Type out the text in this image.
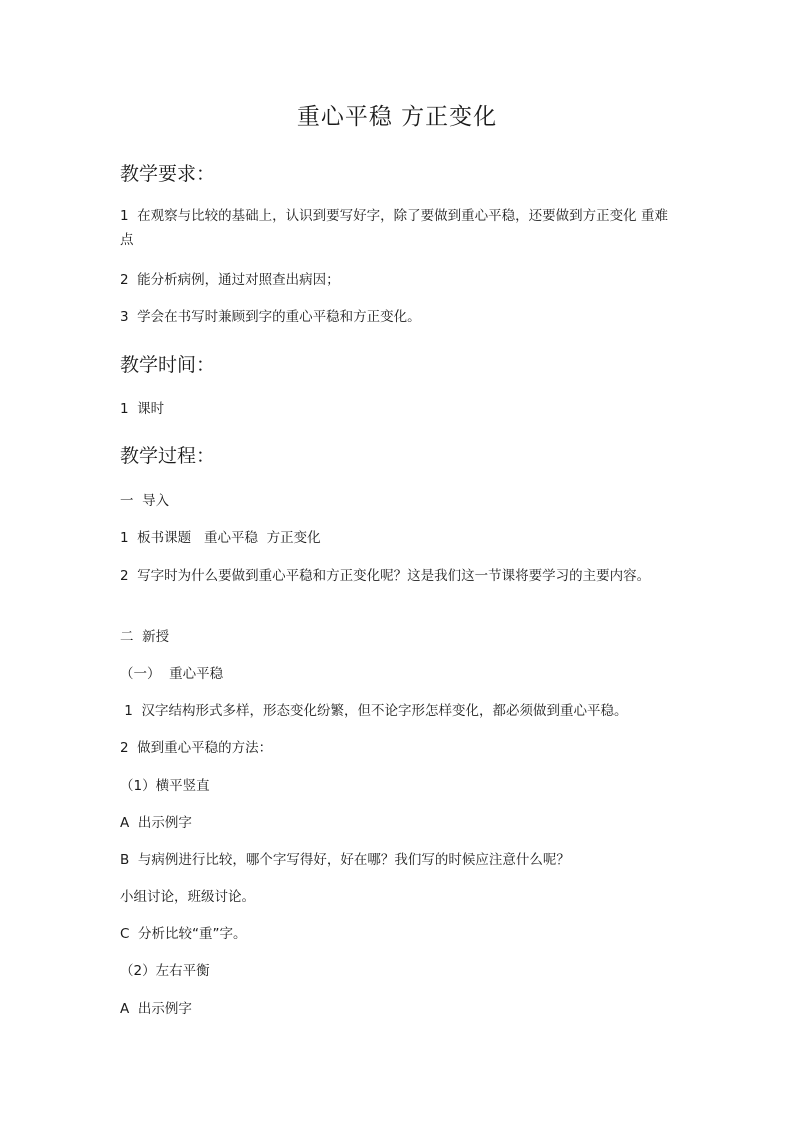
重心平稳 方正变化
教学要求：
1  在观察与比较的基础上，认识到要写好字，除了要做到重心平稳，还要做到方正变化 重难点
2  能分析病例，通过对照查出病因；
3  学会在书写时兼顾到字的重心平稳和方正变化。
教学时间：
1  课时
教学过程：
一  导入
1  板书课题   重心平稳  方正变化
2  写字时为什么要做到重心平稳和方正变化呢？这是我们这一节课将要学习的主要内容。
二  新授
（一）  重心平稳
1  汉字结构形式多样，形态变化纷繁，但不论字形怎样变化，都必须做到重心平稳。
2  做到重心平稳的方法：
（1）横平竖直
A  出示例字
B  与病例进行比较，哪个字写得好，好在哪？我们写的时候应注意什么呢？
小组讨论，班级讨论。
C  分析比较“重”字。
（2）左右平衡
A  出示例字
